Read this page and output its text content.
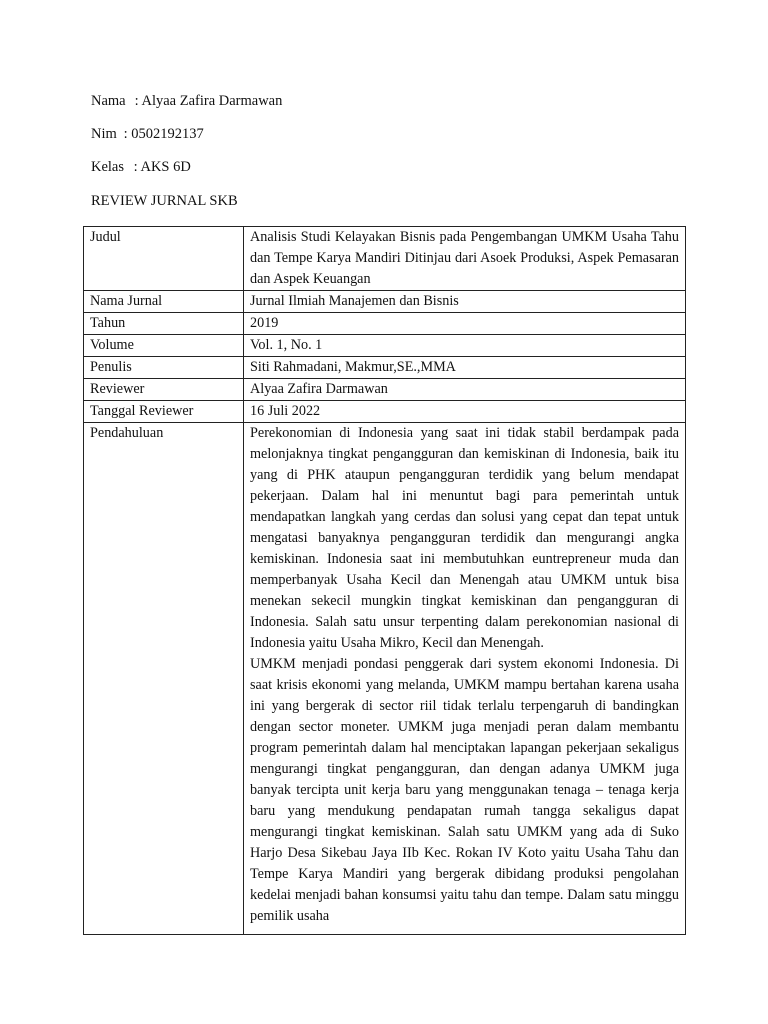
Nama : Alyaa Zafira Darmawan
Nim : 0502192137
Kelas : AKS 6D
REVIEW JURNAL SKB
Judul	Analisis Studi Kelayakan Bisnis pada Pengembangan UMKM Usaha Tahu dan Tempe Karya Mandiri Ditinjau dari Asoek Produksi, Aspek Pemasaran dan Aspek Keuangan
Nama Jurnal	Jurnal Ilmiah Manajemen dan Bisnis
Tahun	2019
Volume	Vol. 1, No. 1
Penulis	Siti Rahmadani, Makmur,SE.,MMA
Reviewer	Alyaa Zafira Darmawan
Tanggal Reviewer	16 Juli 2022
Pendahuluan	Perekonomian di Indonesia yang saat ini tidak stabil berdampak pada melonjaknya tingkat pengangguran dan kemiskinan di Indonesia, baik itu yang di PHK ataupun pengangguran terdidik yang belum mendapat pekerjaan. Dalam hal ini menuntut bagi para pemerintah untuk mendapatkan langkah yang cerdas dan solusi yang cepat dan tepat untuk mengatasi banyaknya pengangguran terdidik dan mengurangi angka kemiskinan. Indonesia saat ini membutuhkan euntrepreneur muda dan memperbanyak Usaha Kecil dan Menengah atau UMKM untuk bisa menekan sekecil mungkin tingkat kemiskinan dan pengangguran di Indonesia. Salah satu unsur terpenting dalam perekonomian nasional di Indonesia yaitu Usaha Mikro, Kecil dan Menengah.

UMKM menjadi pondasi penggerak dari system ekonomi Indonesia. Di saat krisis ekonomi yang melanda, UMKM mampu bertahan karena usaha ini yang bergerak di sector riil tidak terlalu terpengaruh di bandingkan dengan sector moneter. UMKM juga menjadi peran dalam membantu program pemerintah dalam hal menciptakan lapangan pekerjaan sekaligus mengurangi tingkat pengangguran, dan dengan adanya UMKM juga banyak tercipta unit kerja baru yang menggunakan tenaga – tenaga kerja baru yang mendukung pendapatan rumah tangga sekaligus dapat mengurangi tingkat kemiskinan. Salah satu UMKM yang ada di Suko Harjo Desa Sikebau Jaya IIb Kec. Rokan IV Koto yaitu Usaha Tahu dan Tempe Karya Mandiri yang bergerak dibidang produksi pengolahan kedelai menjadi bahan konsumsi yaitu tahu dan tempe. Dalam satu minggu pemilik usaha
